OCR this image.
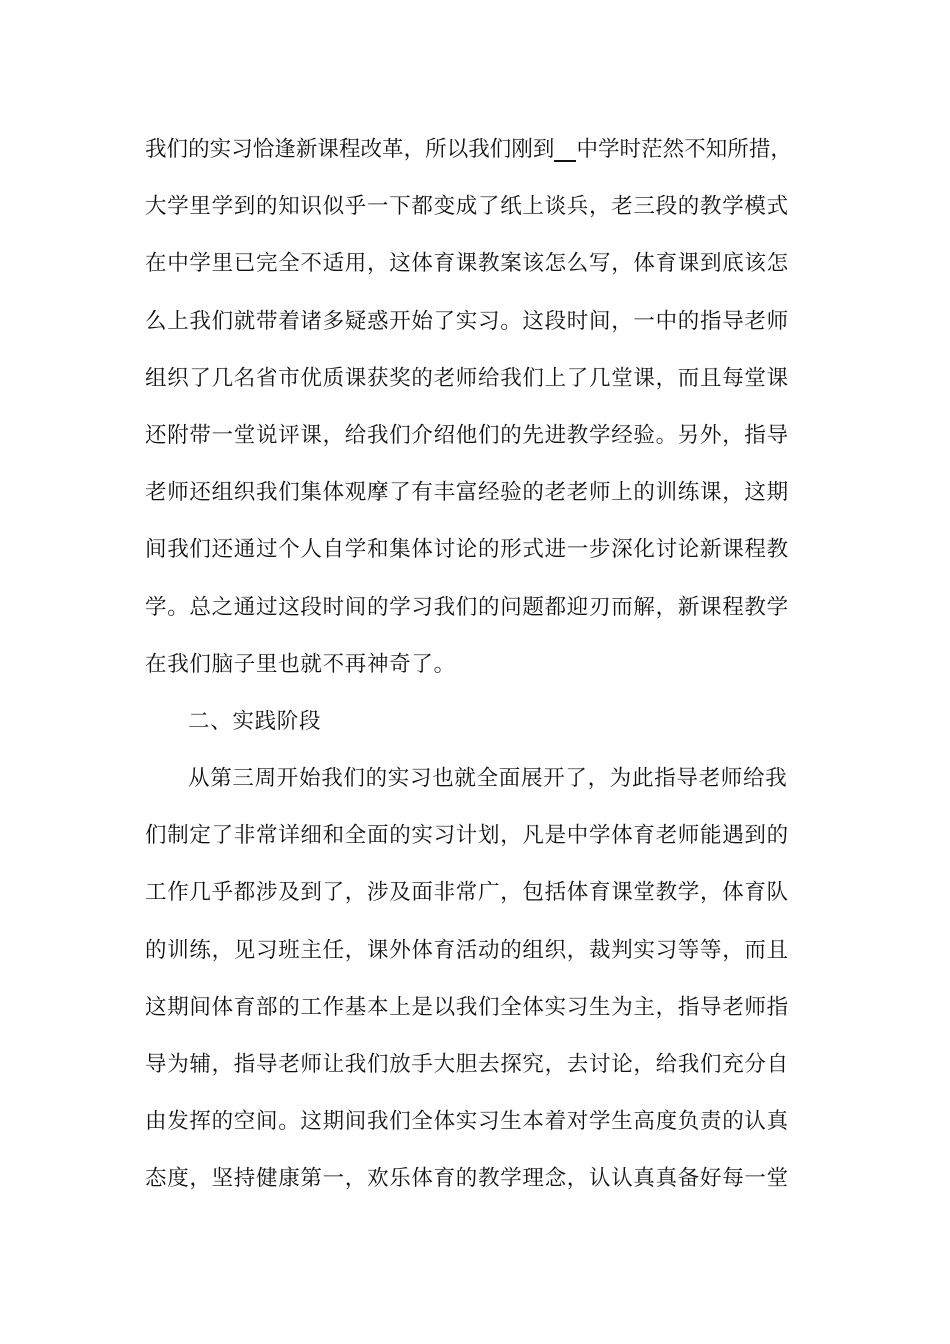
我们的实习恰逢新课程改革，所以我们刚到 中学时茫然不知所措，
大学里学到的知识似乎一下都变成了纸上谈兵，老三段的教学模式
在中学里已完全不适用，这体育课教案该怎么写，体育课到底该怎
么上我们就带着诸多疑惑开始了实习。这段时间，一中的指导老师
组织了几名省市优质课获奖的老师给我们上了几堂课，而且每堂课
还附带一堂说评课，给我们介绍他们的先进教学经验。另外，指导
老师还组织我们集体观摩了有丰富经验的老老师上的训练课，这期
间我们还通过个人自学和集体讨论的形式进一步深化讨论新课程教
学。总之通过这段时间的学习我们的问题都迎刃而解，新课程教学
在我们脑子里也就不再神奇了。
二、实践阶段
从第三周开始我们的实习也就全面展开了，为此指导老师给我
们制定了非常详细和全面的实习计划，凡是中学体育老师能遇到的
工作几乎都涉及到了，涉及面非常广，包括体育课堂教学，体育队
的训练，见习班主任，课外体育活动的组织，裁判实习等等，而且
这期间体育部的工作基本上是以我们全体实习生为主，指导老师指
导为辅，指导老师让我们放手大胆去探究，去讨论，给我们充分自
由发挥的空间。这期间我们全体实习生本着对学生高度负责的认真
态度，坚持健康第一，欢乐体育的教学理念，认认真真备好每一堂
